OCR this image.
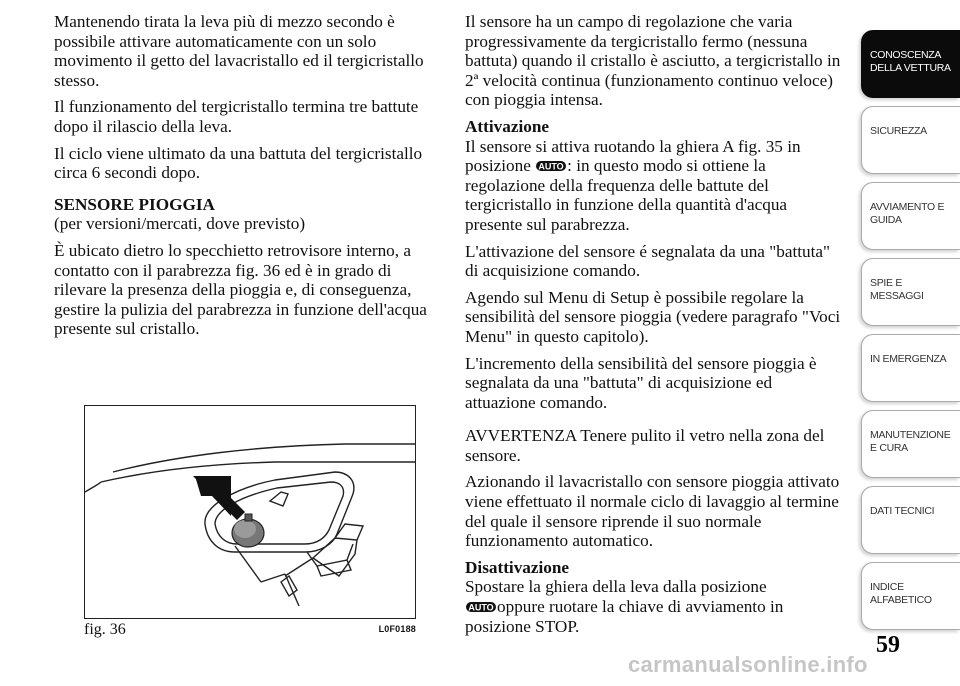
Mantenendo tirata la leva più di mezzo secondo è possibile attivare automaticamente con un solo movimento il getto del lavacristallo ed il tergicristallo stesso.

Il funzionamento del tergicristallo termina tre battute dopo il rilascio della leva.

Il ciclo viene ultimato da una battuta del tergicristallo circa 6 secondi dopo.

SENSORE PIOGGIA

(per versioni/mercati, dove previsto)

È ubicato dietro lo specchietto retrovisore interno, a contatto con il parabrezza fig. 36 ed è in grado di rilevare la presenza della pioggia e, di conseguenza, gestire la pulizia del parabrezza in funzione dell'acqua presente sul cristallo.

fig. 36	L0F0188

Il sensore ha un campo di regolazione che varia progressivamente da tergicristallo fermo (nessuna battuta) quando il cristallo è asciutto, a tergicristallo in 2ª velocità continua (funzionamento continuo veloce) con pioggia intensa.

Attivazione

Il sensore si attiva ruotando la ghiera A fig. 35 in posizione AUTO : in questo modo si ottiene la regolazione della frequenza delle battute del tergicristallo in funzione della quantità d'acqua presente sul parabrezza.

L'attivazione del sensore é segnalata da una "battuta" di acquisizione comando.

Agendo sul Menu di Setup è possibile regolare la sensibilità del sensore pioggia (vedere paragrafo "Voci Menu" in questo capitolo).

L'incremento della sensibilità del sensore pioggia è segnalata da una "battuta" di acquisizione ed attuazione comando.

AVVERTENZA Tenere pulito il vetro nella zona del sensore.

Azionando il lavacristallo con sensore pioggia attivato viene effettuato il normale ciclo di lavaggio al termine del quale il sensore riprende il suo normale funzionamento automatico.

Disattivazione

Spostare la ghiera della leva dalla posizione

AUTO oppure ruotare la chiave di avviamento in posizione STOP.

CONOSCENZA DELLA VETTURA
SICUREZZA
AVVIAMENTO E GUIDA
SPIE E MESSAGGI
IN EMERGENZA
MANUTENZIONE E CURA
DATI TECNICI
INDICE ALFABETICO
59
carmanualsonline.info
